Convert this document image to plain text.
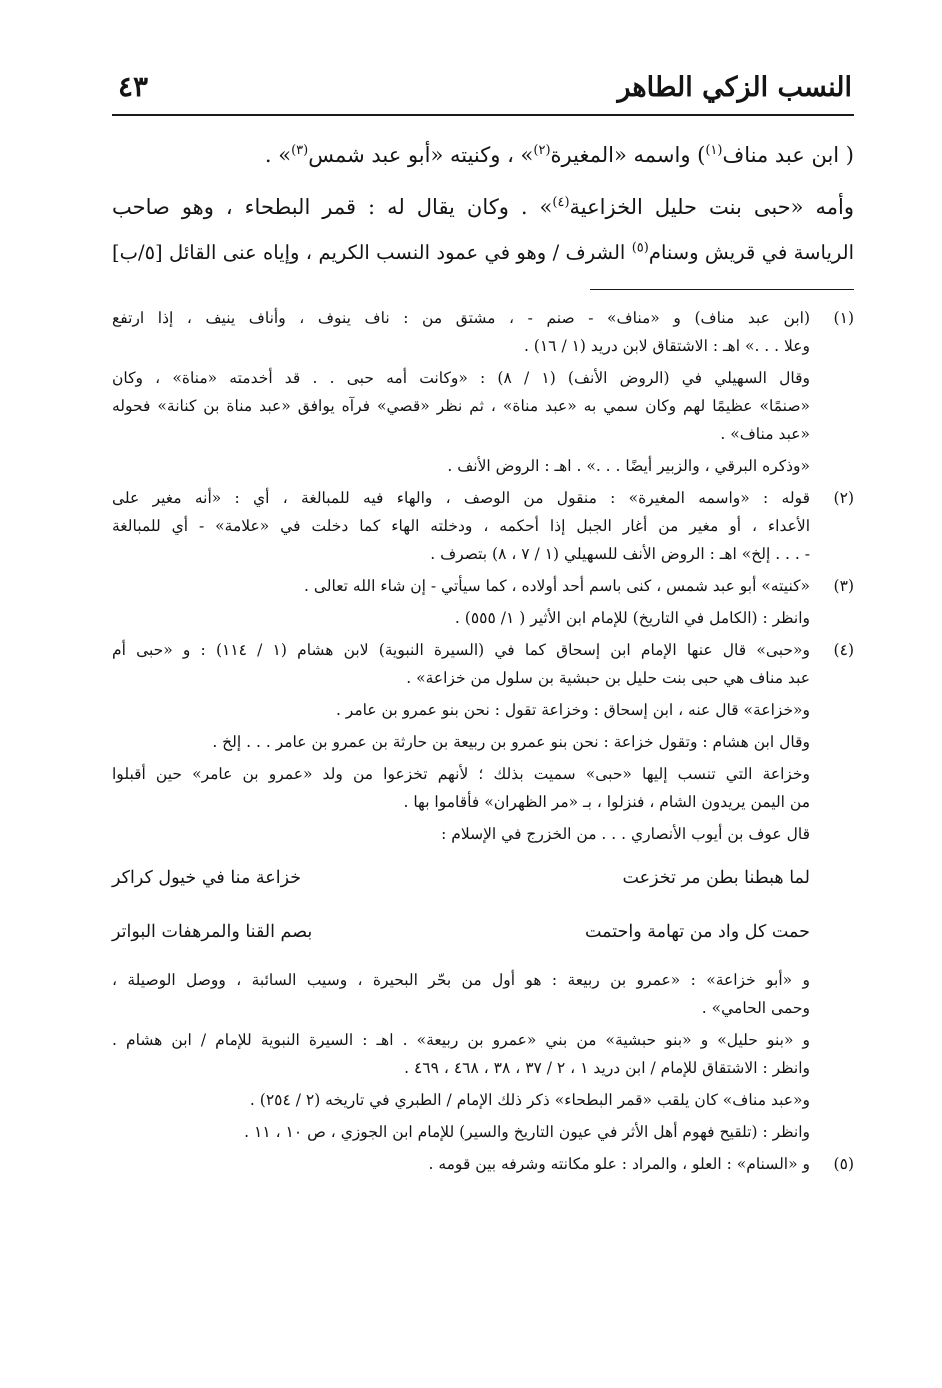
النسب الزكي الطاهر
٤٣

( ابن عبد مناف$^{(١)}$) واسمه «المغيرة$^{(٢)}$» ، وكنيته «أبو عبد شمس$^{(٣)}$» .

وأمه «حبى بنت حليل الخزاعية$^{(٤)}$» . وكان يقال له : قمر البطحاء ، وهو صاحب

الرياسة في قريش وسنام$^{(٥)}$ الشرف / وهو في عمود النسب الكريم ، وإياه عنى القائل [٥/ب]

(١)

(ابن عبد مناف) و «مناف» - صنم - ، مشتق من : ناف ينوف ، وأناف ينيف ، إذا ارتفع
وعلا . . .» اهـ : الاشتقاق لابن دريد (١ / ١٦) .

وقال السهيلي في (الروض الأنف) (١ / ٨) : «وكانت أمه حبى . . قد أخدمته «مناة» ، وكان
«صنمًا» عظيمًا لهم وكان سمي به «عبد مناة» ، ثم نظر «قصي» فرآه يوافق «عبد مناة بن كنانة» فحوله
«عبد مناف» .

«وذكره البرقي ، والزبير أيضًا . . .» . اهـ : الروض الأنف .

(٢)

قوله : «واسمه المغيرة» : منقول من الوصف ، والهاء فيه للمبالغة ، أي : «أنه مغير على
الأعداء ، أو مغير من أغار الجبل إذا أحكمه ، ودخلته الهاء كما دخلت في «علامة» - أي للمبالغة
- . . . إلخ» اهـ : الروض الأنف للسهيلي (١ / ٧ ، ٨) بتصرف .

(٣)

«كنيته» أبو عبد شمس ، كنى باسم أحد أولاده ، كما سيأتي - إن شاء الله تعالى .

وانظر : (الكامل في التاريخ) للإمام ابن الأثير ( ١/ ٥٥٥) .

(٤)

و«حبى» قال عنها الإمام ابن إسحاق كما في (السيرة النبوية) لابن هشام (١ / ١١٤) : و «حبى أم
عبد مناف هي حبى بنت حليل بن حبشية بن سلول من خزاعة» .

و«خزاعة» قال عنه ، ابن إسحاق : وخزاعة تقول : نحن بنو عمرو بن عامر .

وقال ابن هشام : وتقول خزاعة : نحن بنو عمرو بن ربيعة بن حارثة بن عمرو بن عامر . . . إلخ .

وخزاعة التي تنسب إليها «حبى» سميت بذلك ؛ لأنهم تخزعوا من ولد «عمرو بن عامر» حين أقبلوا
من اليمن يريدون الشام ، فنزلوا ، بـ «مر الظهران» فأقاموا بها .

قال عوف بن أيوب الأنصاري . . . من الخزرج في الإسلام :

لما هبطنا بطن مر تخزعت
خزاعة منا في خيول كراكر
حمت كل واد من تهامة واحتمت
بصم القنا والمرهفات البواتر

و «أبو خزاعة» : «عمرو بن ربيعة : هو أول من بحّر البحيرة ، وسيب السائبة ، ووصل الوصيلة ،
وحمى الحامي» .

و «بنو حليل» و «بنو حبشية» من بني «عمرو بن ربيعة» . اهـ : السيرة النبوية للإمام / ابن هشام .
وانظر : الاشتقاق للإمام / ابن دريد ١ ، ٢ / ٣٧ ، ٣٨ ، ٤٦٨ ، ٤٦٩ .

و«عبد مناف» كان يلقب «قمر البطحاء» ذكر ذلك الإمام / الطبري في تاريخه (٢ / ٢٥٤) .

وانظر : (تلقيح فهوم أهل الأثر في عيون التاريخ والسير) للإمام ابن الجوزي ، ص ١٠ ، ١١ .

(٥)

و «السنام» : العلو ، والمراد : علو مكانته وشرفه بين قومه .
